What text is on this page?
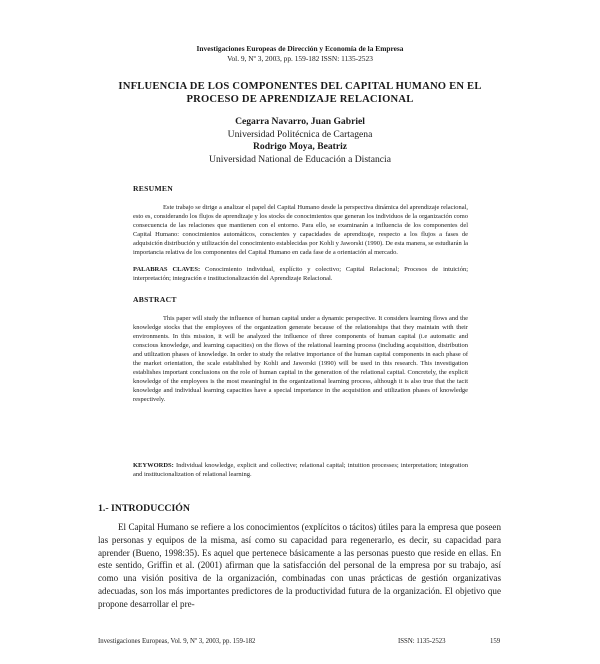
Investigaciones Europeas de Dirección y Economía de la Empresa
Vol. 9, Nº 3, 2003, pp. 159-182 ISSN: 1135-2523
INFLUENCIA DE LOS COMPONENTES DEL CAPITAL HUMANO EN EL PROCESO DE APRENDIZAJE RELACIONAL
Cegarra Navarro, Juan Gabriel
Universidad Politécnica de Cartagena
Rodrigo Moya, Beatriz
Universidad National de Educación a Distancia
RESUMEN
Este trabajo se dirige a analizar el papel del Capital Humano desde la perspectiva dinámica del aprendizaje relacional, esto es, considerando los flujos de aprendizaje y los stocks de conocimientos que generan los individuos de la organización como consecuencia de las relaciones que mantienen con el entorno. Para ello, se examinarán a influencia de los componentes del Capital Humano: conocimientos automáticos, conscientes y capacidades de aprendizaje, respecto a los flujos a fases de adquisición distribución y utilización del conocimiento establecidas por Kohli y Jaworski (1990). De esta manera, se estudiarán la importancia relativa de los componentes del Capital Humano en cada fase de a orientación al mercado.
PALABRAS CLAVES: Conocimiento individual, explícito y colectivo; Capital Relacional; Procesos de intuición; interpretación; integración e institucionalización del Aprendizaje Relacional.
ABSTRACT
This paper will study the influence of human capital under a dynamic perspective. It considers learning flows and the knowledge stocks that the employees of the organization generate because of the relationships that they maintain with their environments. In this mission, it will be analyzed the influence of three components of human capital (i.e automatic and conscious knowledge, and learning capacities) on the flows of the relational learning process (including acquisition, distribution and utilization phases of knowledge. In order to study the relative importance of the human capital components in each phase of the market orientation, the scale established by Kohli and Jaworski (1990) will be used in this research. This investigation establishes important conclusions on the role of human capital in the generation of the relational capital. Concretely, the explicit knowledge of the employees is the most meaningful in the organizational learning process, although it is also true that the tacit knowledge and individual learning capacities have a special importance in the acquisition and utilization phases of knowledge respectively.
KEYWORDS: Individual knowledge, explicit and collective; relational capital; intuition processes; interpretation; integration and institucionalization of relational learning.
1.- INTRODUCCIÓN
El Capital Humano se refiere a los conocimientos (explícitos o tácitos) útiles para la empresa que poseen las personas y equipos de la misma, así como su capacidad para regenerarlo, es decir, su capacidad para aprender (Bueno, 1998:35). Es aquel que pertenece básicamente a las personas puesto que reside en ellas. En este sentido, Griffin et al. (2001) afirman que la satisfacción del personal de la empresa por su trabajo, así como una visión positiva de la organización, combinadas con unas prácticas de gestión organizativas adecuadas, son los más importantes predictores de la productividad futura de la organización. El objetivo que propone desarrollar el pre-
Investigaciones Europeas, Vol. 9, Nº 3, 2003, pp. 159-182	ISSN: 1135-2523	159
